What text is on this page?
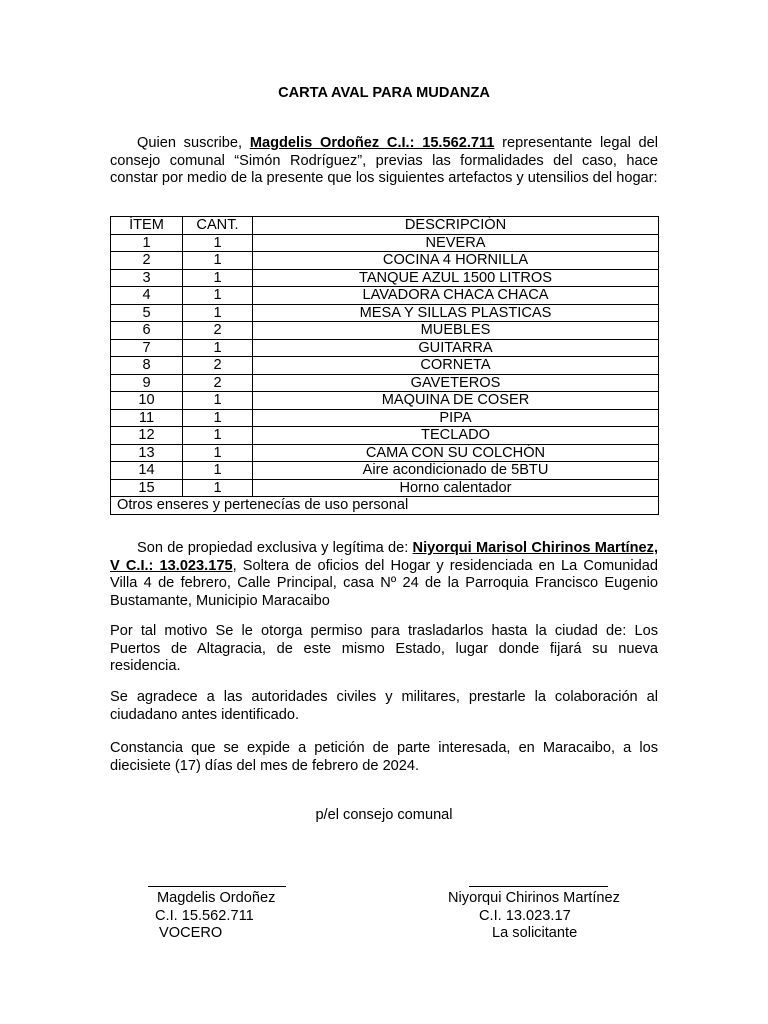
CARTA AVAL PARA MUDANZA
Quien suscribe, Magdelis Ordoñez C.I.: 15.562.711 representante legal del consejo comunal “Simón Rodríguez”, previas las formalidades del caso, hace constar por medio de la presente que los siguientes artefactos y utensilios del hogar:
ÍTEM	CANT.	DESCRIPCIÓN
1	1	NEVERA
2	1	COCINA 4 HORNILLA
3	1	TANQUE AZUL 1500 LITROS
4	1	LAVADORA CHACA CHACA
5	1	MESA Y SILLAS PLASTICAS
6	2	MUEBLES
7	1	GUITARRA
8	2	CORNETA
9	2	GAVETEROS
10	1	MAQUINA DE COSER
11	1	PIPA
12	1	TECLADO
13	1	CAMA CON SU COLCHÓN
14	1	Aire acondicionado de 5BTU
15	1	Horno calentador
Otros enseres y pertenecías de uso personal		
Son de propiedad exclusiva y legítima de: Niyorqui Marisol Chirinos Martínez, V C.I.: 13.023.175, Soltera de oficios del Hogar y residenciada en La Comunidad Villa 4 de febrero, Calle Principal, casa Nº 24 de la Parroquia Francisco Eugenio Bustamante, Municipio Maracaibo
Por tal motivo Se le otorga permiso para trasladarlos hasta la ciudad de: Los Puertos de Altagracia, de este mismo Estado, lugar donde fijará su nueva residencia.
Se agradece a las autoridades civiles y militares, prestarle la colaboración al ciudadano antes identificado.
Constancia que se expide a petición de parte interesada, en Maracaibo, a los diecisiete (17) días del mes de febrero de 2024.
p/el consejo comunal
Magdelis Ordoñez
C.I. 15.562.711
VOCERO
Niyorqui Chirinos Martínez
C.I. 13.023.17
La solicitante
